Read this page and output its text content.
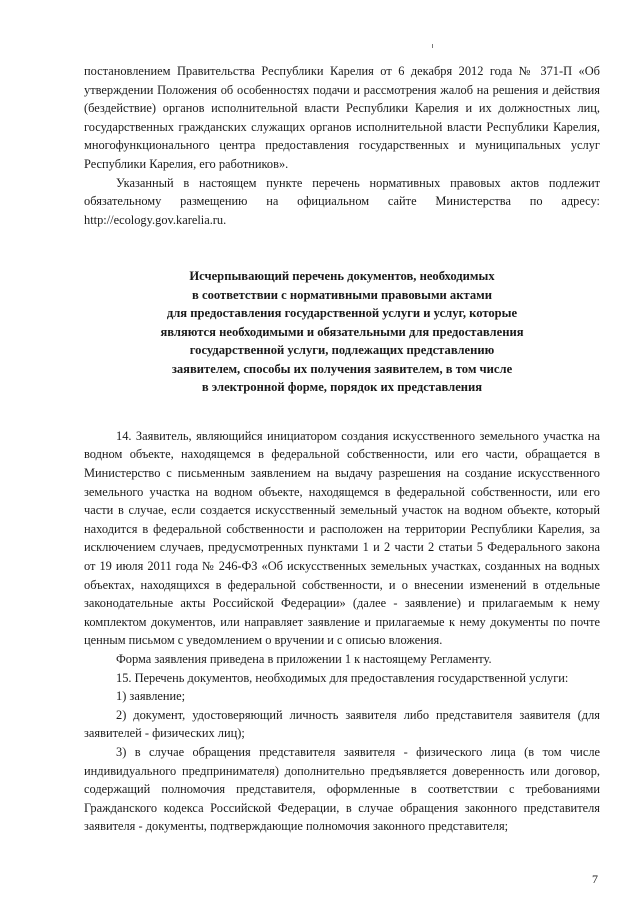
постановлением Правительства Республики Карелия от 6 декабря 2012 года № 371-П «Об утверждении Положения об особенностях подачи и рассмотрения жалоб на решения и действия (бездействие) органов исполнительной власти Республики Карелия и их должностных лиц, государственных гражданских служащих органов исполнительной власти Республики Карелия, многофункционального центра предоставления государственных и муниципальных услуг Республики Карелия, его работников».

Указанный в настоящем пункте перечень нормативных правовых актов подлежит обязательному размещению на официальном сайте Министерства по адресу: http://ecology.gov.karelia.ru.

Исчерпывающий перечень документов, необходимых
в соответствии с нормативными правовыми актами
для предоставления государственной услуги и услуг, которые
являются необходимыми и обязательными для предоставления
государственной услуги, подлежащих представлению
заявителем, способы их получения заявителем, в том числе
в электронной форме, порядок их представления

14. Заявитель, являющийся инициатором создания искусственного земельного участка на водном объекте, находящемся в федеральной собственности, или его части, обращается в Министерство с письменным заявлением на выдачу разрешения на создание искусственного земельного участка на водном объекте, находящемся в федеральной собственности, или его части в случае, если создается искусственный земельный участок на водном объекте, который находится в федеральной собственности и расположен на территории Республики Карелия, за исключением случаев, предусмотренных пунктами 1 и 2 части 2 статьи 5 Федерального закона от 19 июля 2011 года № 246-ФЗ «Об искусственных земельных участках, созданных на водных объектах, находящихся в федеральной собственности, и о внесении изменений в отдельные законодательные акты Российской Федерации» (далее - заявление) и прилагаемым к нему комплектом документов, или направляет заявление и прилагаемые к нему документы по почте ценным письмом с уведомлением о вручении и с описью вложения.

Форма заявления приведена в приложении 1 к настоящему Регламенту.

15. Перечень документов, необходимых для предоставления государственной услуги:

1) заявление;

2) документ, удостоверяющий личность заявителя либо представителя заявителя (для заявителей - физических лиц);

3) в случае обращения представителя заявителя - физического лица (в том числе индивидуального предпринимателя) дополнительно предъявляется доверенность или договор, содержащий полномочия представителя, оформленные в соответствии с требованиями Гражданского кодекса Российской Федерации, в случае обращения законного представителя заявителя - документы, подтверждающие полномочия законного представителя;

7
